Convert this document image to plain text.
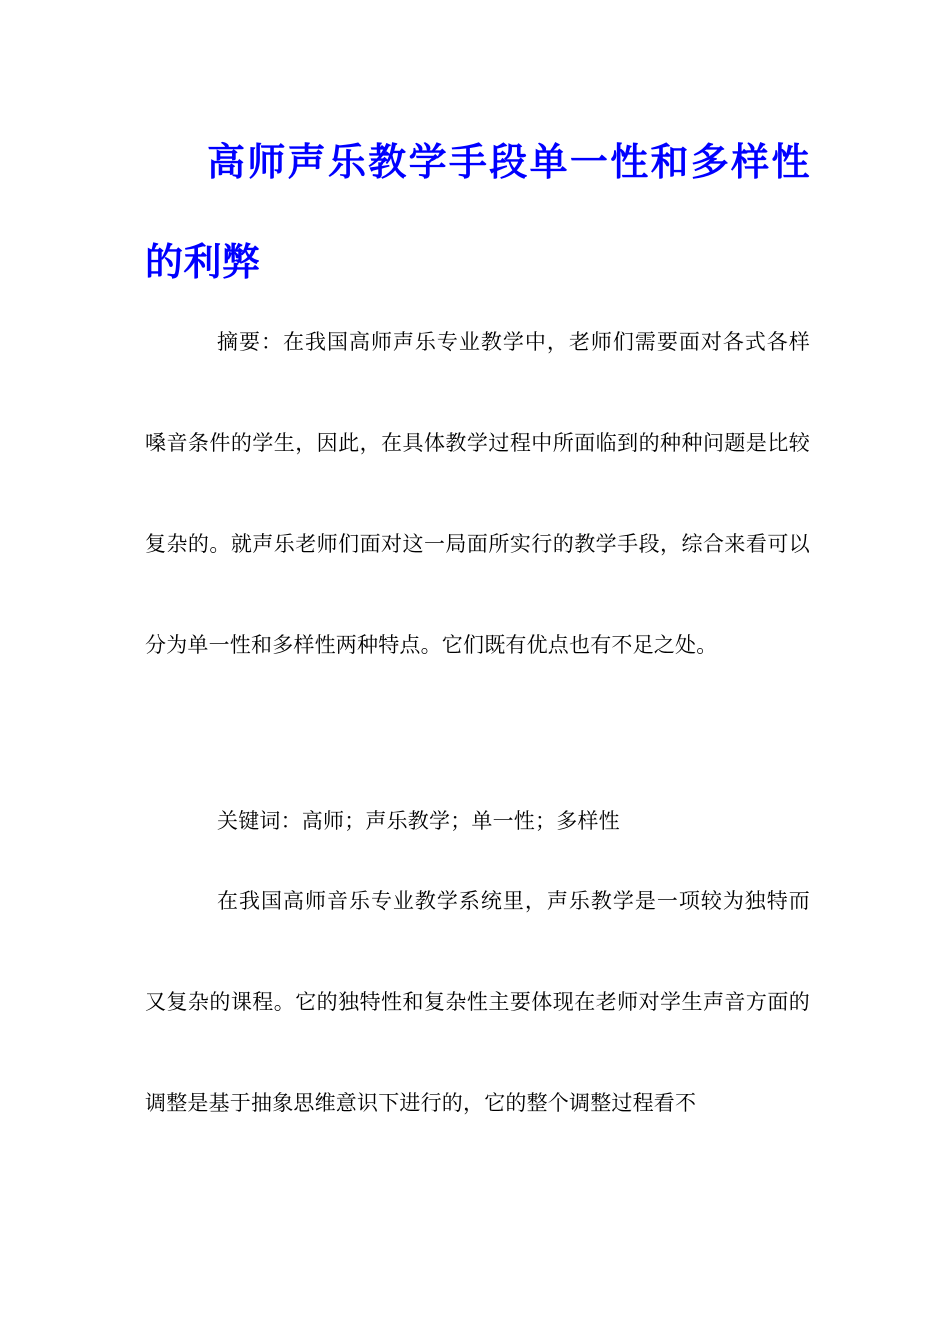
高师声乐教学手段单一性和多样性的利弊

摘要：在我国高师声乐专业教学中，老师们需要面对各式各样嗓音条件的学生，因此，在具体教学过程中所面临到的种种问题是比较复杂的。就声乐老师们面对这一局面所实行的教学手段，综合来看可以分为单一性和多样性两种特点。它们既有优点也有不足之处。

关键词：高师；声乐教学；单一性；多样性

在我国高师音乐专业教学系统里，声乐教学是一项较为独特而又复杂的课程。它的独特性和复杂性主要体现在老师对学生声音方面的调整是基于抽象思维意识下进行的，它的整个调整过程看不
